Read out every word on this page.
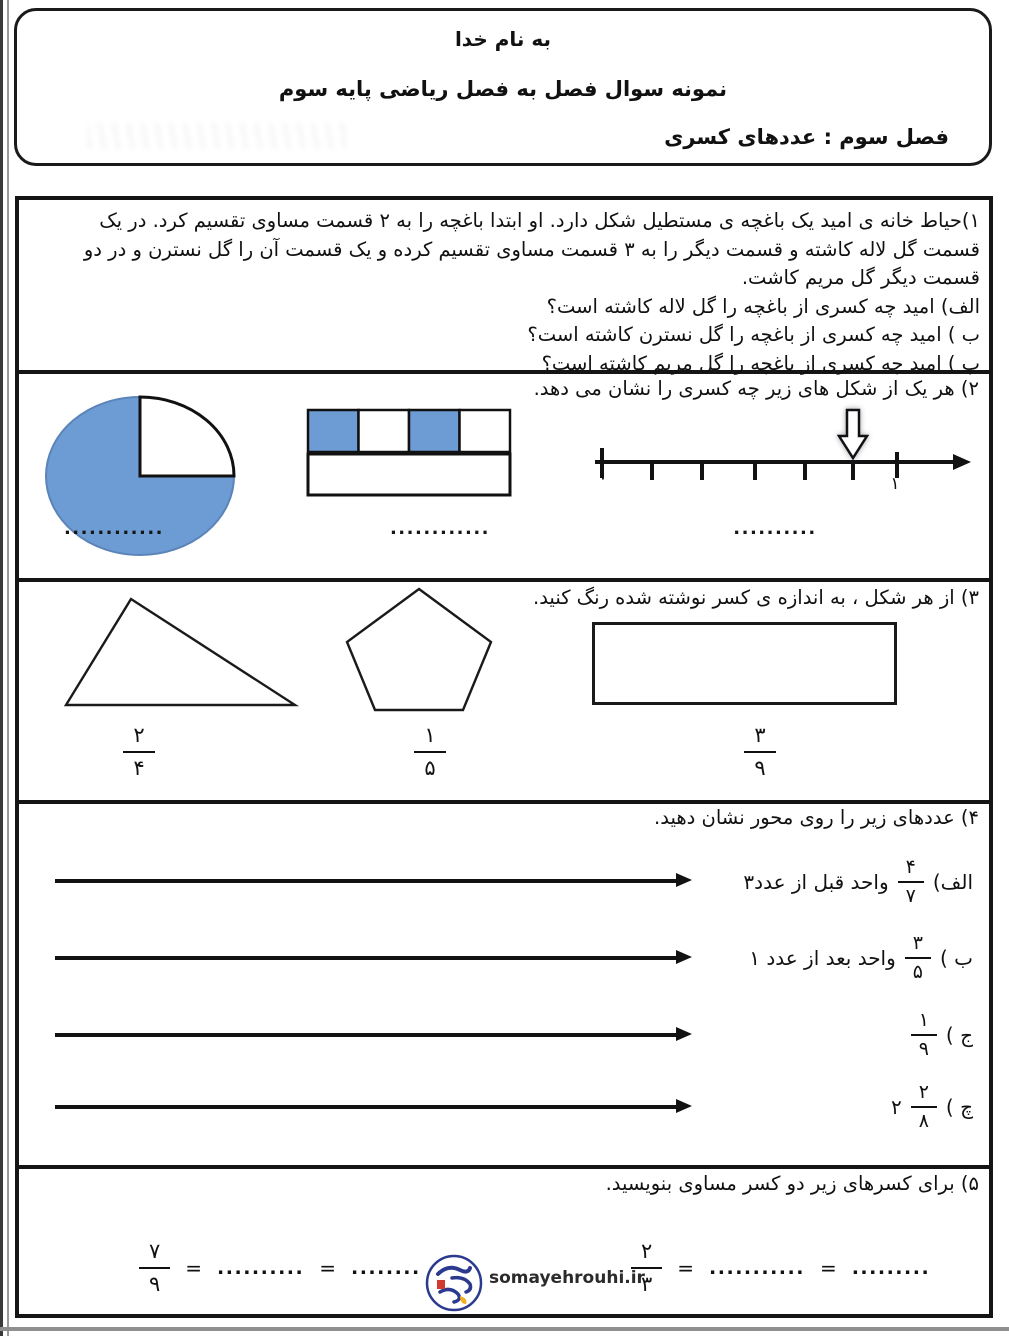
به نام خدا
نمونه سوال فصل به فصل ریاضی پایه سوم
فصل سوم : عددهای کسری
۱)حیاط خانه ی امید یک باغچه ی مستطیل شکل دارد. او ابتدا باغچه را به ۲ قسمت مساوی تقسیم کرد. در یک
قسمت گل لاله کاشته و قسمت دیگر را به ۳ قسمت مساوی تقسیم کرده و یک قسمت آن را گل نسترن و در دو
قسمت دیگر گل مریم کاشت.
الف) امید چه کسری از باغچه را گل لاله کاشته است؟
ب ) امید چه کسری از باغچه را گل نسترن کاشته است؟
پ ) امید چه کسری از باغچه را گل مریم کاشته است؟
۲) هر یک از شکل های زیر چه کسری را نشان می دهد.
............	............
۰	۱
..........
۳) از هر شکل ، به اندازه ی کسر نوشته شده رنگ کنید.
۲
۴
۱
۵
۳
۹
۴) عددهای زیر را روی محور نشان دهید.
الف)
$\frac{۴}{۷}$
واحد قبل از عدد۳
ب )
$\frac{۳}{۵}$
واحد بعد از عدد ۱
ج )
$\frac{۱}{۹}$
چ )
$\frac{۲}{۸}$
۲
۵) برای کسرهای زیر دو کسر مساوی بنویسید.
$\frac{۷}{۹}$ = .......... = ........	$\frac{۲}{۳}$ = ........... = .........
somayehrouhi.ir
